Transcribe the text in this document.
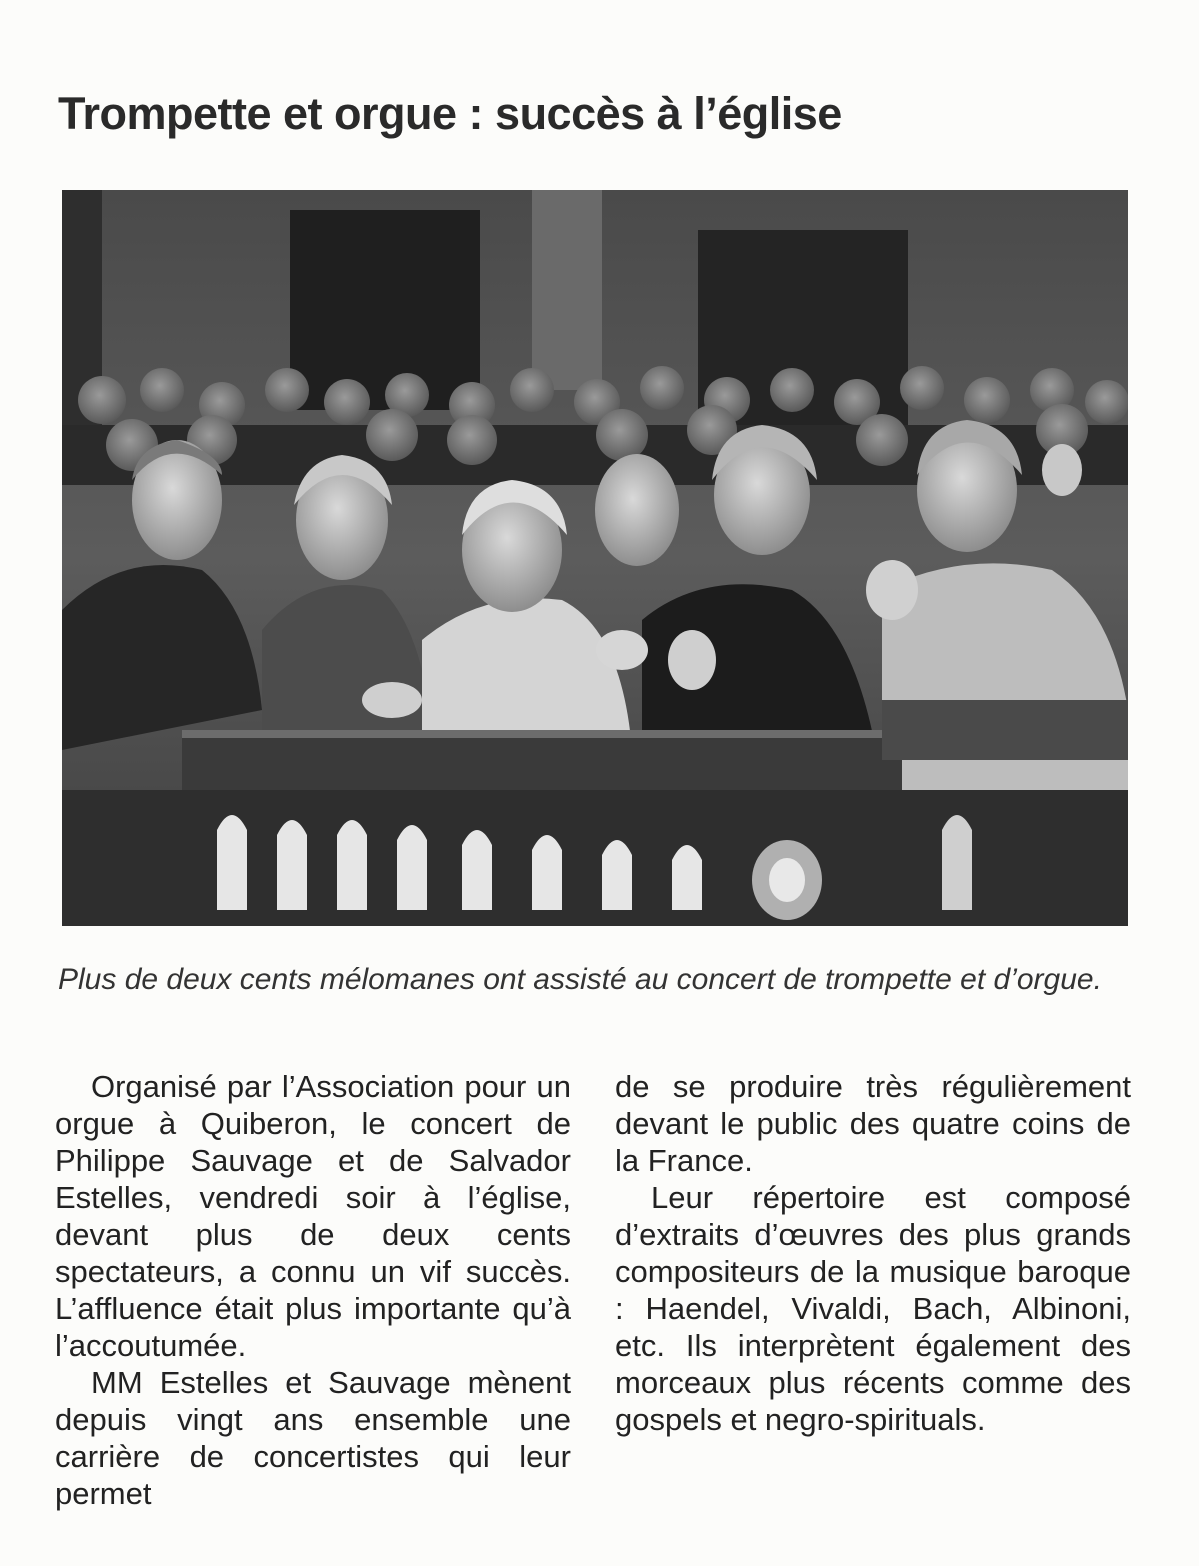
Trompette et orgue : succès à l’église

Plus de deux cents mélomanes ont assisté au concert de trompette et d’orgue.

Organisé par l’Association pour un orgue à Quiberon, le concert de Philippe Sauvage et de Salvador Estelles, vendredi soir à l’église, devant plus de deux cents spectateurs, a connu un vif succès. L’affluence était plus importante qu’à l’accoutumée.

MM Estelles et Sauvage mènent depuis vingt ans ensemble une carrière de concertistes qui leur permet

de se produire très régulièrement devant le public des quatre coins de la France.

Leur répertoire est composé d’extraits d’œuvres des plus grands compositeurs de la musique baroque : Haendel, Vivaldi, Bach, Albinoni, etc. Ils interprètent également des morceaux plus récents comme des gospels et negro-spirituals.
